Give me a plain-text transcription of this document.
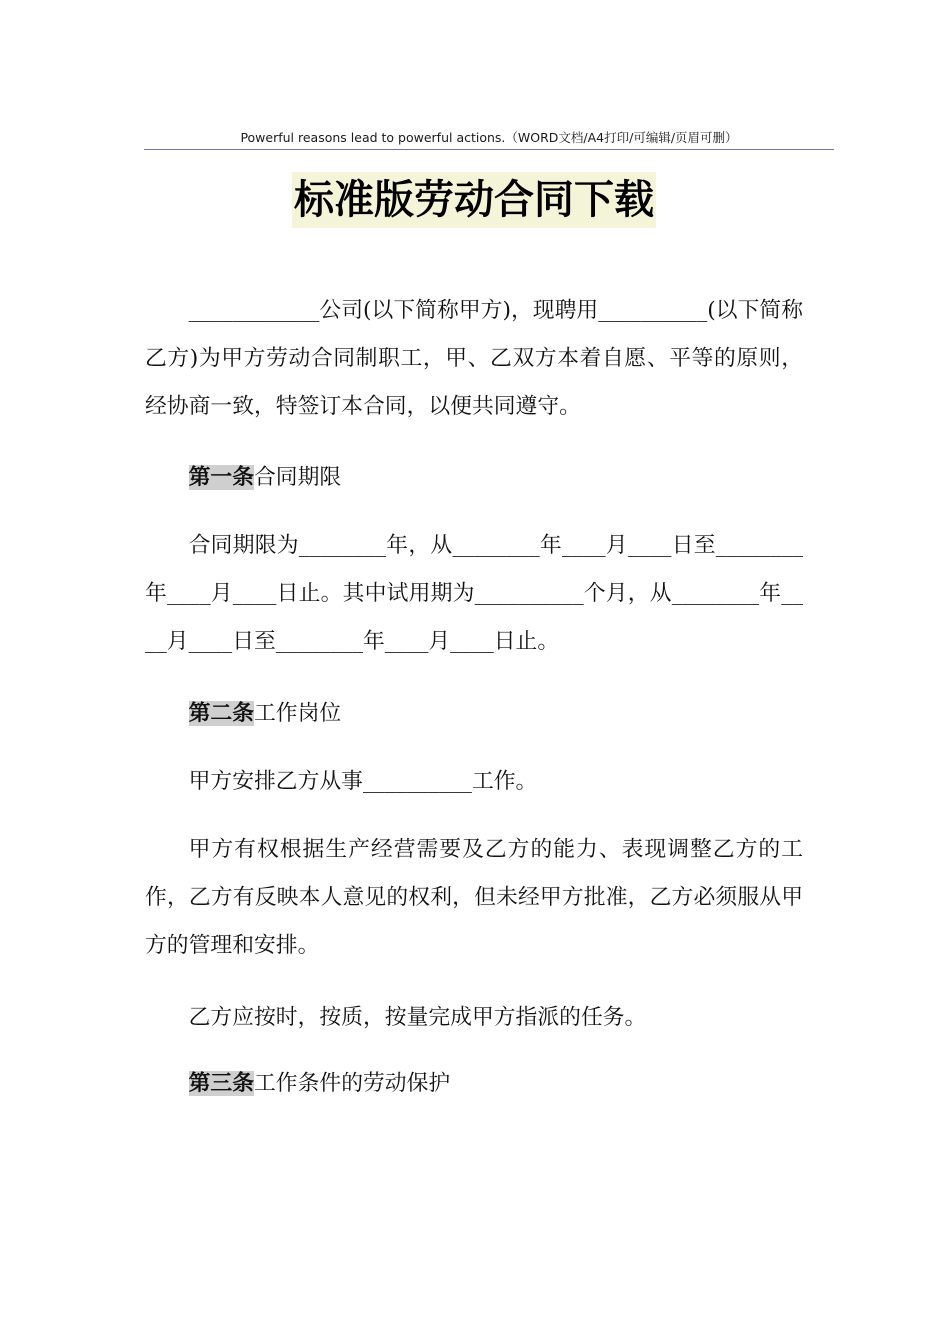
Powerful reasons lead to powerful actions.（WORD文档/A4打印/可编辑/页眉可删）
标准版劳动合同下载

____________公司(以下简称甲方)，现聘用__________(以下简称乙方)为甲方劳动合同制职工，甲、乙双方本着自愿、平等的原则，经协商一致，特签订本合同，以便共同遵守。

第一条合同期限

合同期限为________年，从________年____月____日至________年____月____日止。其中试用期为__________个月，从________年____月____日至________年____月____日止。

第二条工作岗位

甲方安排乙方从事__________工作。

甲方有权根据生产经营需要及乙方的能力、表现调整乙方的工作，乙方有反映本人意见的权利，但未经甲方批准，乙方必须服从甲方的管理和安排。

乙方应按时，按质，按量完成甲方指派的任务。

第三条工作条件的劳动保护
